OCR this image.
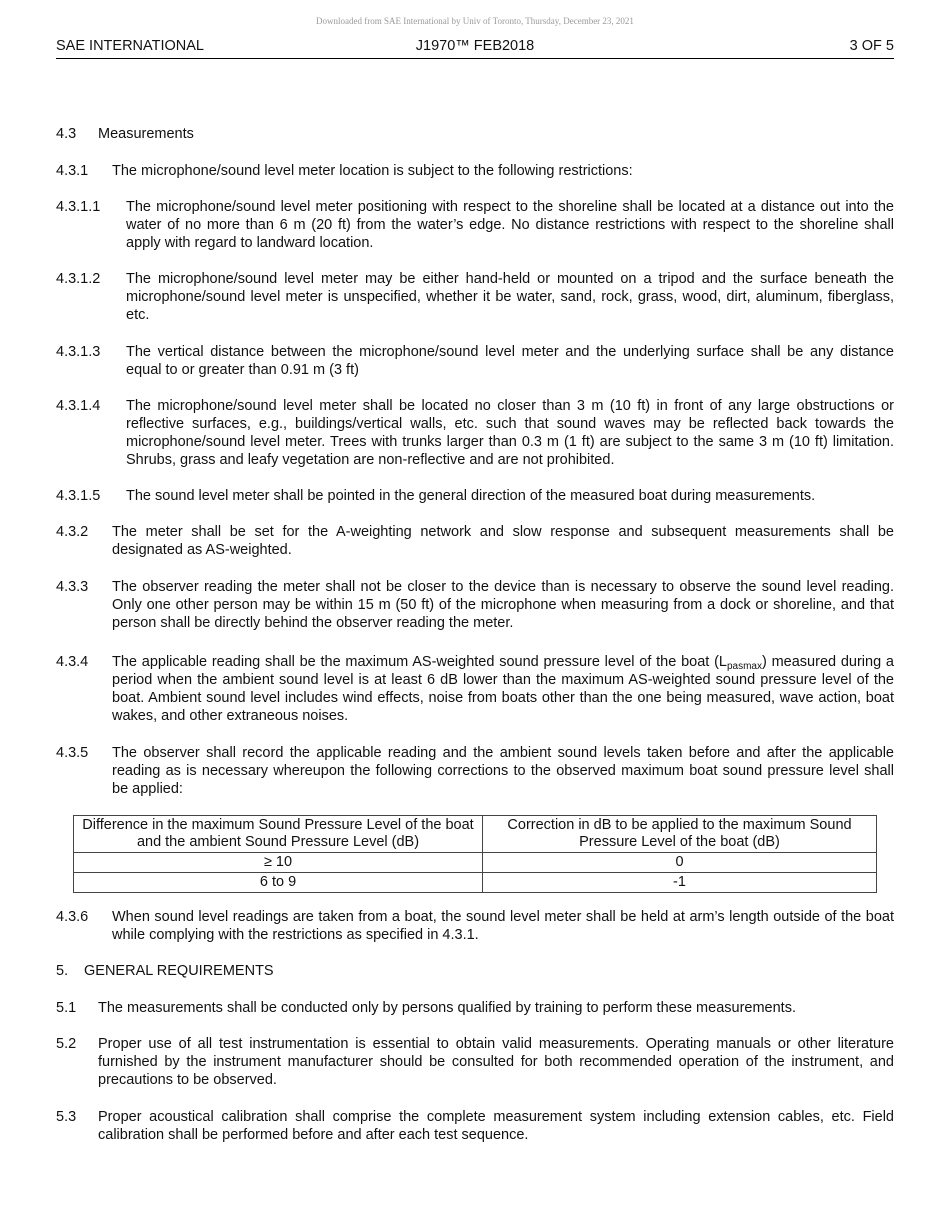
Downloaded from SAE International by Univ of Toronto, Thursday, December 23, 2021
SAE INTERNATIONAL	J1970™ FEB2018	3 OF 5
4.3 Measurements
4.3.1 The microphone/sound level meter location is subject to the following restrictions:
4.3.1.1 The microphone/sound level meter positioning with respect to the shoreline shall be located at a distance out into the water of no more than 6 m (20 ft) from the water’s edge. No distance restrictions with respect to the shoreline shall apply with regard to landward location.
4.3.1.2 The microphone/sound level meter may be either hand-held or mounted on a tripod and the surface beneath the microphone/sound level meter is unspecified, whether it be water, sand, rock, grass, wood, dirt, aluminum, fiberglass, etc.
4.3.1.3 The vertical distance between the microphone/sound level meter and the underlying surface shall be any distance equal to or greater than 0.91 m (3 ft)
4.3.1.4 The microphone/sound level meter shall be located no closer than 3 m (10 ft) in front of any large obstructions or reflective surfaces, e.g., buildings/vertical walls, etc. such that sound waves may be reflected back towards the microphone/sound level meter. Trees with trunks larger than 0.3 m (1 ft) are subject to the same 3 m (10 ft) limitation. Shrubs, grass and leafy vegetation are non-reflective and are not prohibited.
4.3.1.5 The sound level meter shall be pointed in the general direction of the measured boat during measurements.
4.3.2 The meter shall be set for the A-weighting network and slow response and subsequent measurements shall be designated as AS-weighted.
4.3.3 The observer reading the meter shall not be closer to the device than is necessary to observe the sound level reading. Only one other person may be within 15 m (50 ft) of the microphone when measuring from a dock or shoreline, and that person shall be directly behind the observer reading the meter.
4.3.4 The applicable reading shall be the maximum AS-weighted sound pressure level of the boat $(L_{pasmax})$ measured during a period when the ambient sound level is at least 6 dB lower than the maximum AS-weighted sound pressure level of the boat. Ambient sound level includes wind effects, noise from boats other than the one being measured, wave action, boat wakes, and other extraneous noises.
4.3.5 The observer shall record the applicable reading and the ambient sound levels taken before and after the applicable reading as is necessary whereupon the following corrections to the observed maximum boat sound pressure level shall be applied:
Difference in the maximum Sound Pressure Level of the boat and the ambient Sound Pressure Level (dB)	Correction in dB to be applied to the maximum Sound Pressure Level of the boat (dB)
≥ 10	0
6 to 9	-1
4.3.6 When sound level readings are taken from a boat, the sound level meter shall be held at arm’s length outside of the boat while complying with the restrictions as specified in 4.3.1.
5. GENERAL REQUIREMENTS
5.1 The measurements shall be conducted only by persons qualified by training to perform these measurements.
5.2 Proper use of all test instrumentation is essential to obtain valid measurements. Operating manuals or other literature furnished by the instrument manufacturer should be consulted for both recommended operation of the instrument, and precautions to be observed.
5.3 Proper acoustical calibration shall comprise the complete measurement system including extension cables, etc. Field calibration shall be performed before and after each test sequence.
